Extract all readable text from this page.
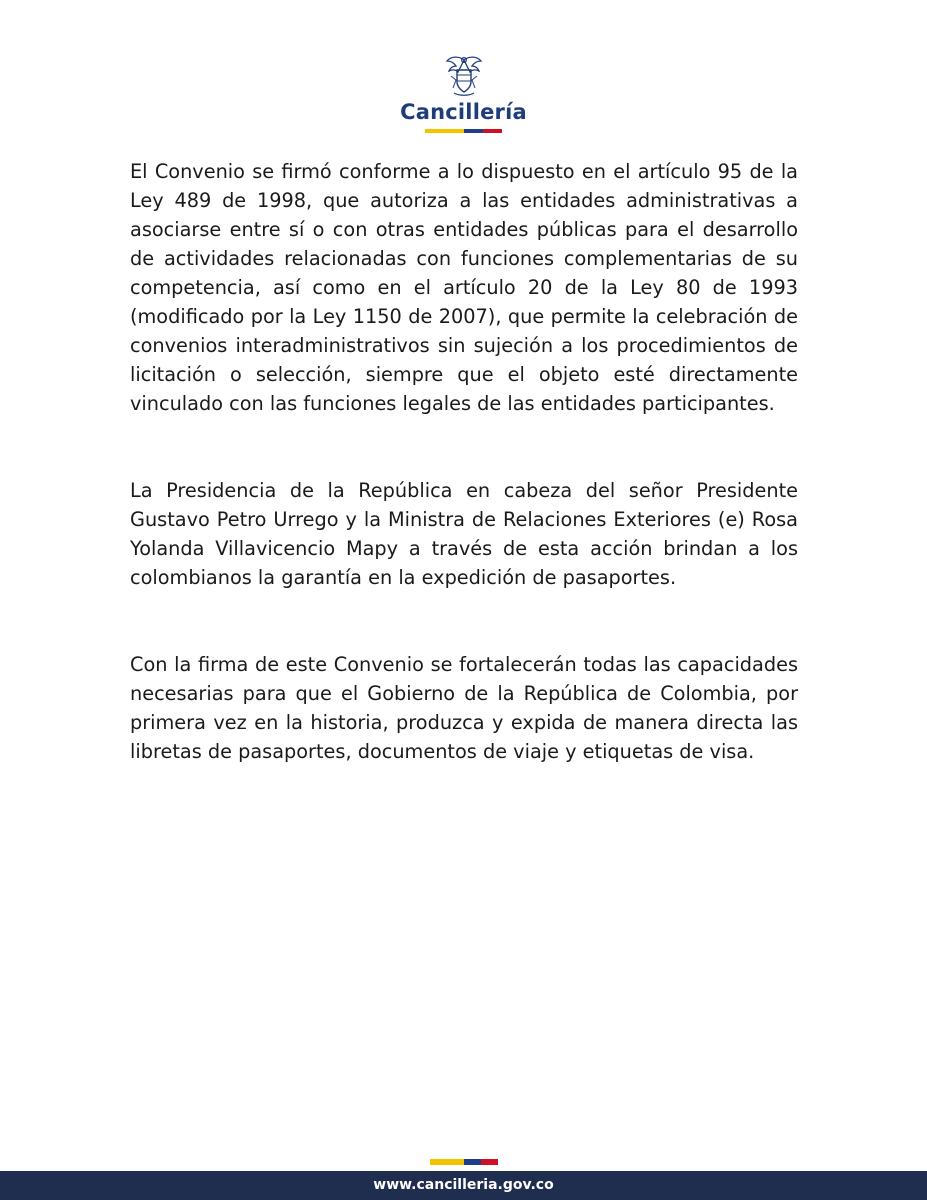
Cancillería

El Convenio se firmó conforme a lo dispuesto en el artículo 95 de la Ley 489 de 1998, que autoriza a las entidades administrativas a asociarse entre sí o con otras entidades públicas para el desarrollo de actividades relacionadas con funciones complementarias de su competencia, así como en el artículo 20 de la Ley 80 de 1993 (modificado por la Ley 1150 de 2007), que permite la celebración de convenios interadministrativos sin sujeción a los procedimientos de licitación o selección, siempre que el objeto esté directamente vinculado con las funciones legales de las entidades participantes.

La Presidencia de la República en cabeza del señor Presidente Gustavo Petro Urrego y la Ministra de Relaciones Exteriores (e) Rosa Yolanda Villavicencio Mapy a través de esta acción brindan a los colombianos la garantía en la expedición de pasaportes.

Con la firma de este Convenio se fortalecerán todas las capacidades necesarias para que el Gobierno de la República de Colombia, por primera vez en la historia, produzca y expida de manera directa las libretas de pasaportes, documentos de viaje y etiquetas de visa.

www.cancilleria.gov.co
